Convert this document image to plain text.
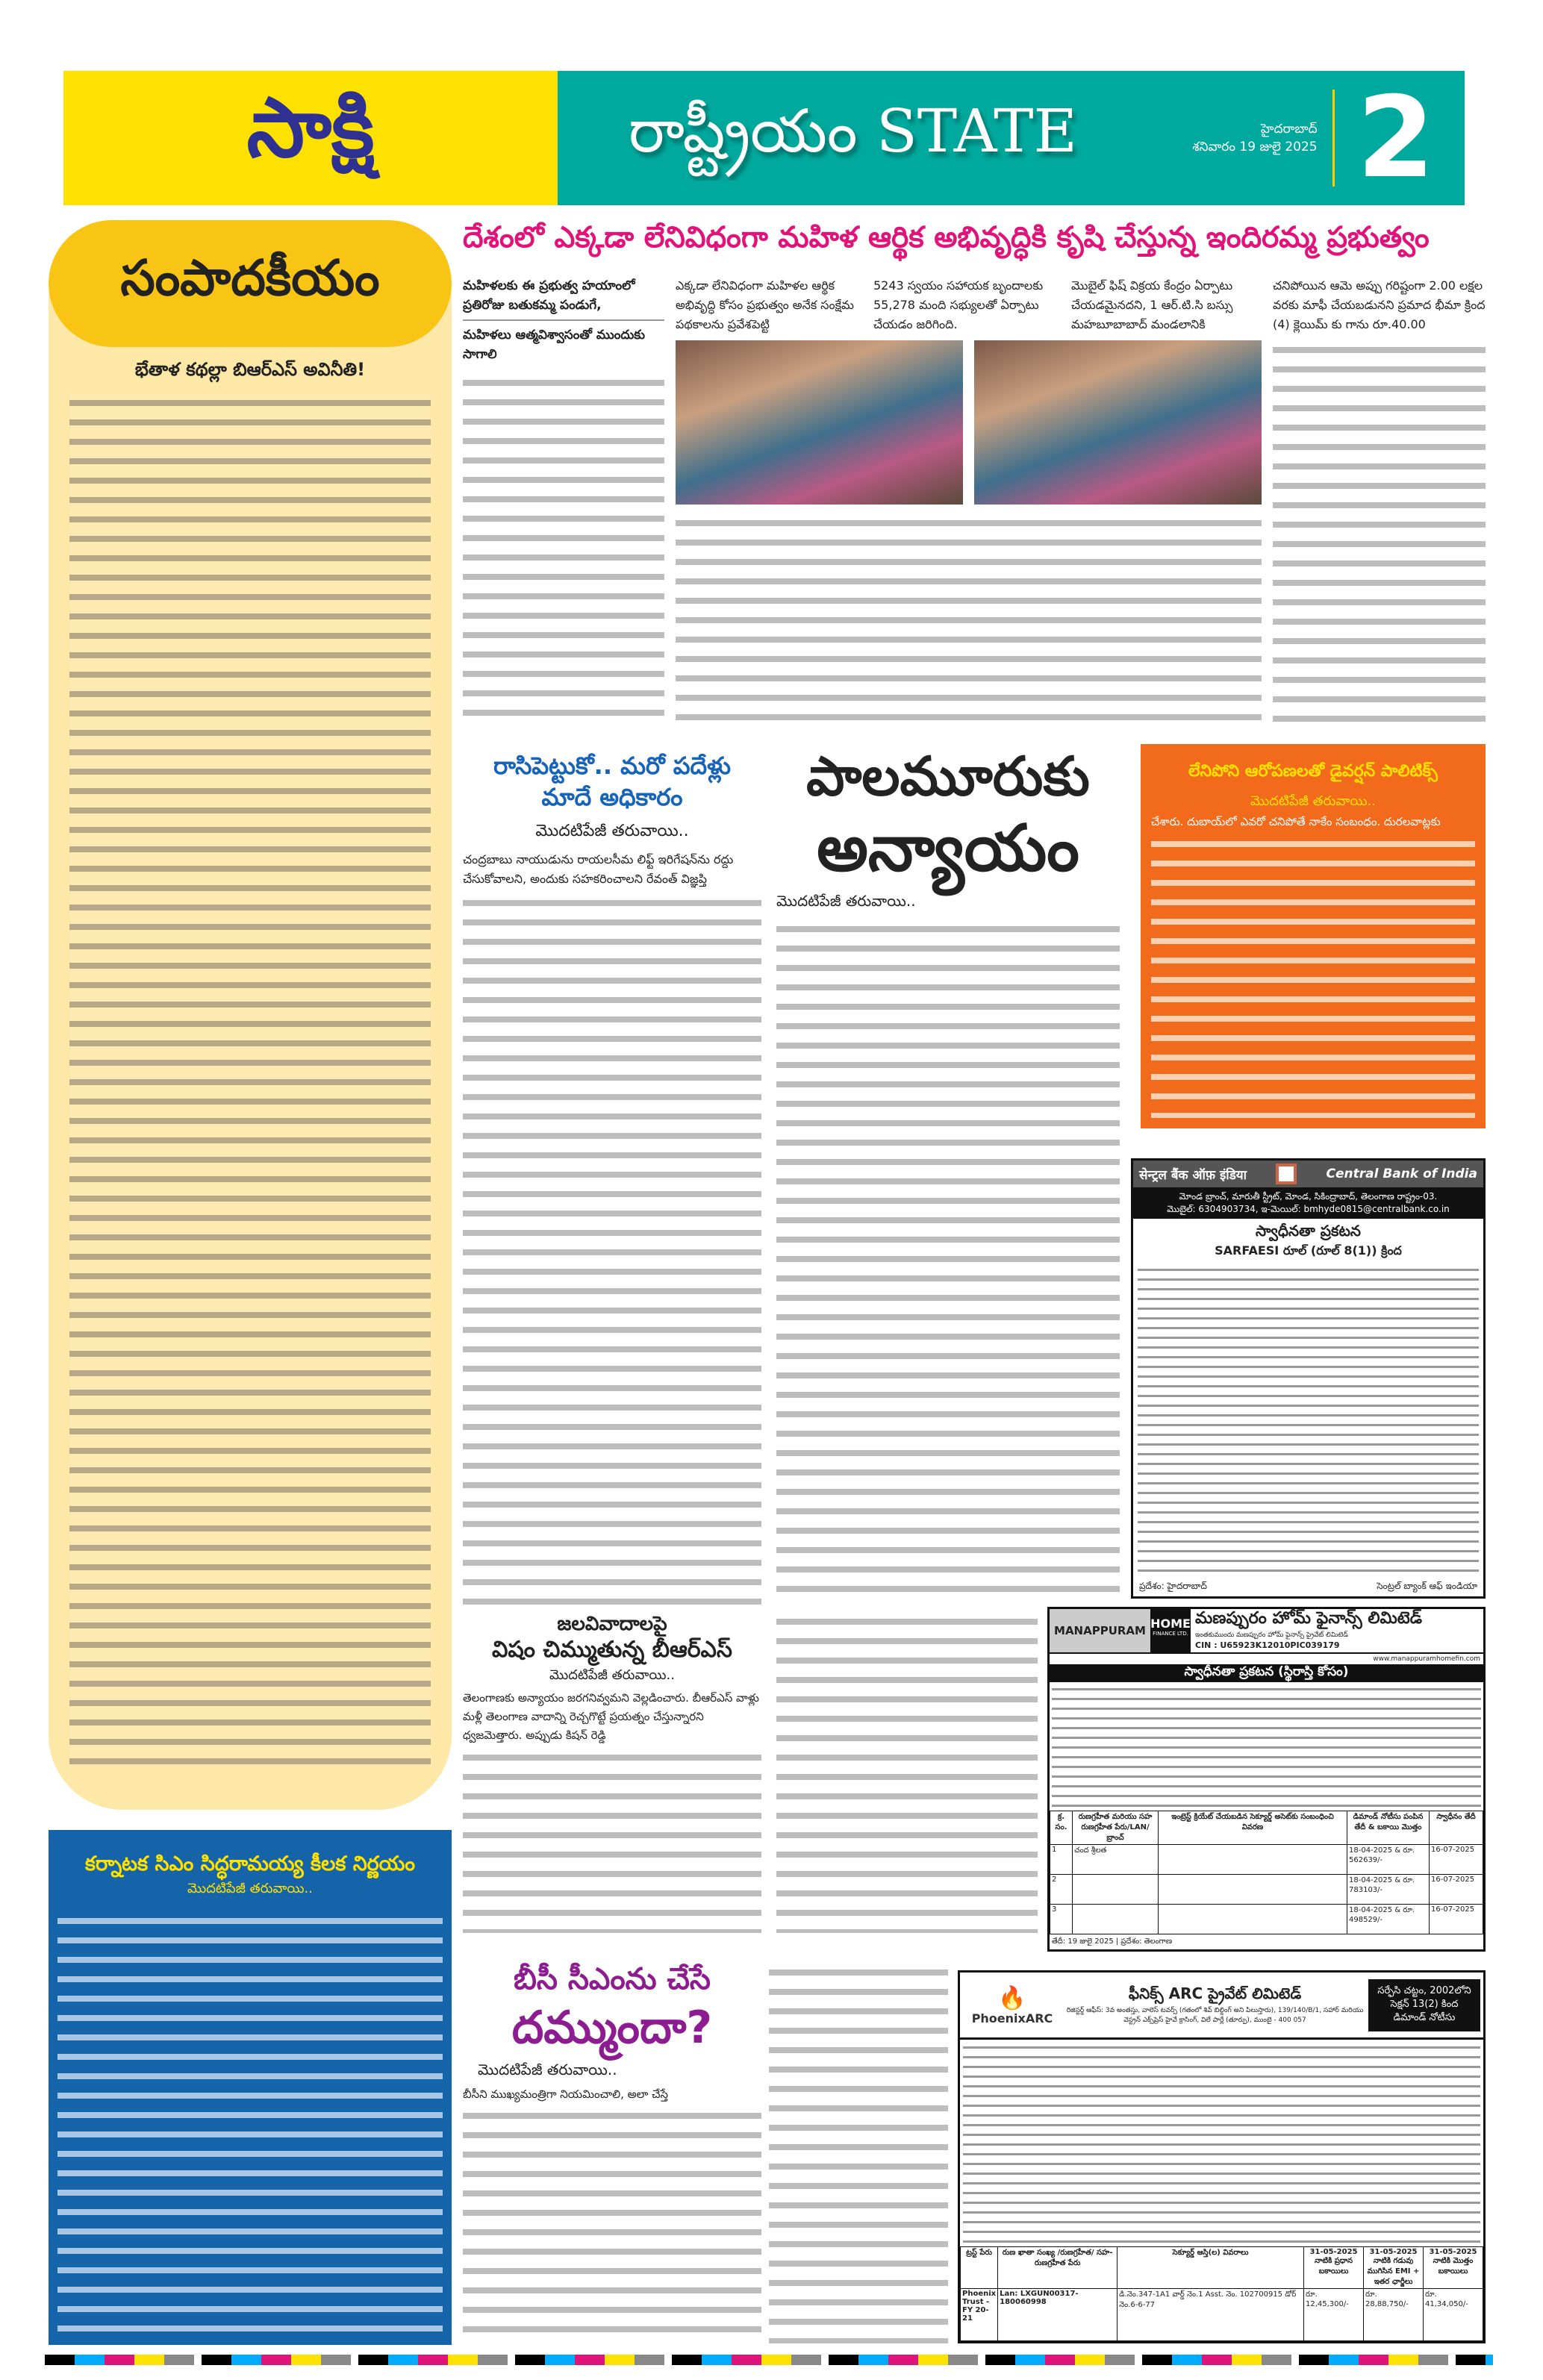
సాక్షి	రాష్ట్రీయం STATE	హైదరాబాద్
శనివారం 19 జులై 2025 2
సంపాదకీయం
భేతాళ కథల్లా బిఆర్ఎస్ అవినీతి!
కర్నాటక సిఎం సిద్ధరామయ్య కీలక నిర్ణయం
మొదటిపేజీ తరువాయి..
దేశంలో ఎక్కడా లేనివిధంగా మహిళ ఆర్థిక అభివృద్ధికి కృషి చేస్తున్న ఇందిరమ్మ ప్రభుత్వం
మహిళలకు ఈ ప్రభుత్వ హయాంలో ప్రతిరోజు బతుకమ్మ పండుగే,
మహిళలు ఆత్మవిశ్వాసంతో ముందుకు సాగాలి
ఎక్కడా లేనివిధంగా మహిళల ఆర్థిక అభివృద్ధి కోసం ప్రభుత్వం అనేక సంక్షేమ పథకాలను ప్రవేశపెట్టి
5243 స్వయం సహాయక బృందాలకు 55,278 మంది సభ్యులతో ఏర్పాటు చేయడం జరిగింది.
మొబైల్ ఫిష్ విక్రయ కేంద్రం ఏర్పాటు చేయడమైనదని, 1 ఆర్.టి.సి బస్సు మహబూబాబాద్ మండలానికి
చనిపోయిన ఆమె అప్పు గరిష్టంగా 2.00 లక్షల వరకు మాఫీ చేయబడునని ప్రమాద భీమా క్రింద (4) క్లెయిమ్ కు గాను రూ.40.00
రాసిపెట్టుకో.. మరో పదేళ్లు మాదే అధికారం
మొదటిపేజీ తరువాయి..
చంద్రబాబు నాయుడును రాయలసీమ లిఫ్ట్ ఇరిగేషన్‌ను రద్దు చేసుకోవాలని, అందుకు సహకరించాలని రేవంత్ విజ్ఞప్తి
పాలమూరుకు
అన్యాయం
మొదటిపేజీ తరువాయి..
లేనిపోని ఆరోపణలతో డైవర్షన్ పాలిటిక్స్
మొదటిపేజీ తరువాయి..
చేశారు. దుబాయ్‌లో ఎవరో చనిపోతే నాకేం సంబంధం. దురలవాట్లకు
सेन्ट्रल बैंक ऑफ़ इंडिया	Central Bank of India
మోండ బ్రాంచ్, మారుతీ స్ట్రీట్, మోండ, సికింద్రాబాద్, తెలంగాణ రాష్ట్రం-03.
మొబైల్: 6304903734, ఇ-మెయిల్: bmhyde0815@centralbank.co.in
స్వాధీనతా ప్రకటన
SARFAESI రూల్ (రూల్ 8(1)) క్రింద
ప్రదేశం: హైదరాబాద్	సెంట్రల్ బ్యాంక్ ఆఫ్ ఇండియా
జలవివాదాలపై
విషం చిమ్ముతున్న బీఆర్ఎస్
మొదటిపేజీ తరువాయి..
తెలంగాణకు అన్యాయం జరగనివ్వమని వెల్లడించారు. బీఆర్ఎస్ వాళ్లు మళ్లీ తెలంగాణ వాదాన్ని రెచ్చగొట్టే ప్రయత్నం చేస్తున్నారని ధ్వజమెత్తారు. అప్పుడు కిషన్ రెడ్డి
MANAPPURAM HOME
FINANCE LTD.
మణప్పురం హోమ్ ఫైనాన్స్ లిమిటెడ్
ఇంతకుముందు మణప్పురం హోమ్ ఫైనాన్స్ ప్రైవేట్ లిమిటెడ్
CIN : U65923K12010PIC039179
www.manappuramhomefin.com
స్వాధీనతా ప్రకటన (స్థిరాస్తి కోసం)
క్ర. సం.	రుణగ్రహీత మరియు సహ రుణగ్రహీత పేరు/LAN/ బ్రాంచ్	ఇంట్రెస్ట్ క్రియేట్ చేయబడిన సెక్యూర్డ్ అసెట్‌కు సంబంధించి వివరణ	డిమాండ్ నోటీసు పంపిన తేదీ & బకాయి మొత్తం	స్వాధీనం తేదీ
1	చంద శ్రీలత		18-04-2025 & రూ. 562639/-	16-07-2025
2			18-04-2025 & రూ. 783103/-	16-07-2025
3			18-04-2025 & రూ. 498529/-	16-07-2025
తేదీ: 19 జులై 2025 | ప్రదేశం: తెలంగాణ
బీసీ సీఎంను చేసే
దమ్ముందా?
మొదటిపేజీ తరువాయి..
బీసీని ముఖ్యమంత్రిగా నియమించాలి, అలా చేస్తే
🔥
PhoenixARC
ఫీనిక్స్ ARC ప్రైవేట్ లిమిటెడ్
రిజిస్టర్డ్ ఆఫీస్: 3వ అంతస్తు, వాలెస్ టవర్స్ (గతంలో శివ్ బిల్డింగ్ అని పిలుస్తారు), 139/140/B/1, సహార్ మరియు వెస్ట్రన్ ఎక్స్‌ప్రెస్ హైవే క్రాసింగ్, విలే పార్లే (తూర్పు), ముంబై - 400 057
సర్ఫేసి చట్టం, 2002లోని సెక్షన్ 13(2) కింద డిమాండ్ నోటీసు
ట్రస్ట్ పేరు	రుణ ఖాతా సంఖ్య /రుణగ్రహీత/ సహ-రుణగ్రహీత పేరు	సెక్యూర్డ్ ఆస్తి(ల) వివరాలు	31-05-2025 నాటికి ప్రధాన బకాయిలు	31-05-2025 నాటికి గడువు ముగిసిన EMI + ఇతర ఛార్జీలు	31-05-2025 నాటికి మొత్తం బకాయిలు
Phoenix Trust - FY 20-21	Lan: LXGUN00317- 180060998	డి.నెం.347-1A1 వార్డ్ నెం.1 Asst. నెం. 102700915 డోర్ నెం.6-6-77	రూ. 12,45,300/-	రూ. 28,88,750/-	రూ. 41,34,050/-
